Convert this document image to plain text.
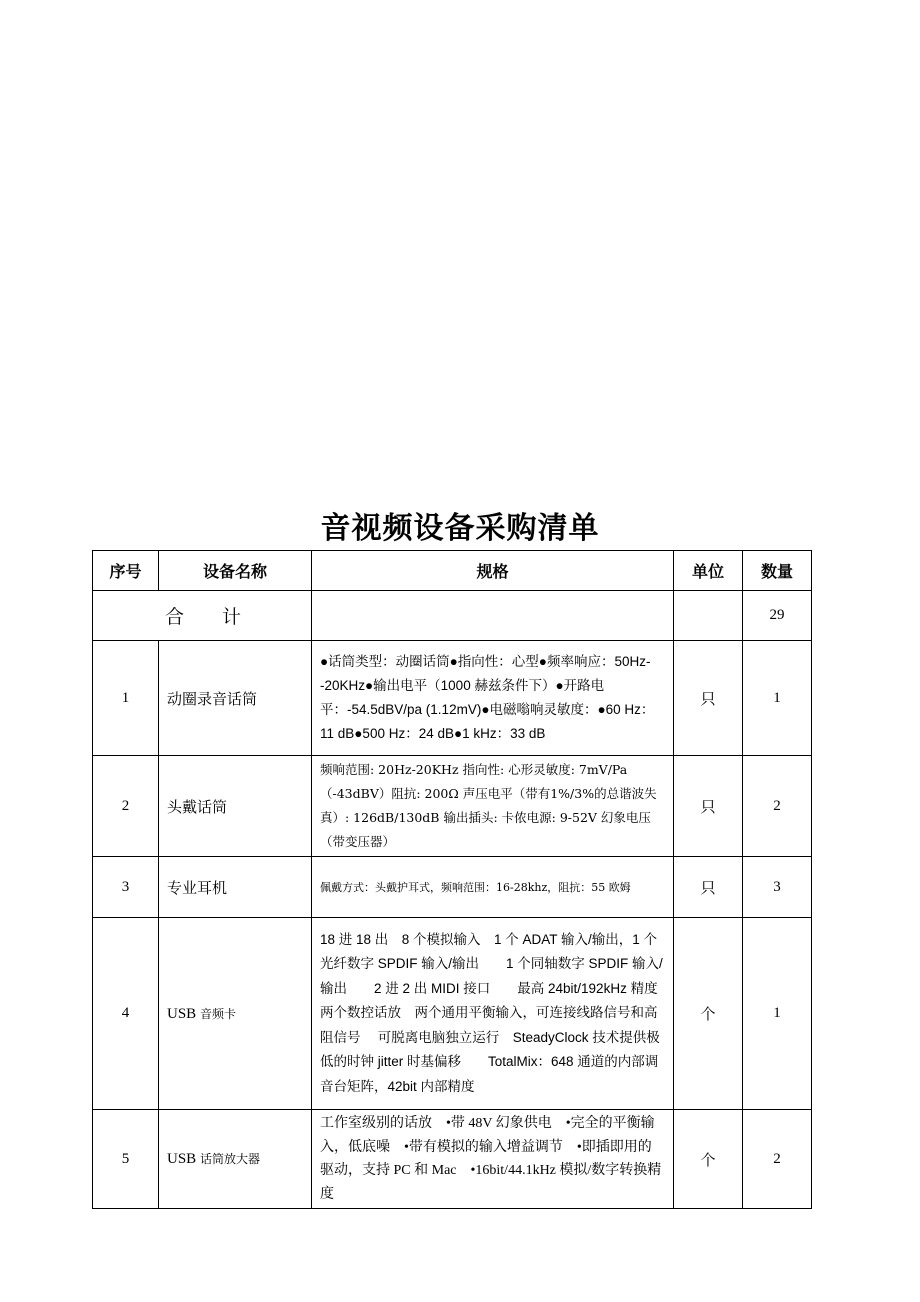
音视频设备采购清单
序号	设备名称	规格	单位	数量
合　　计				29
1	动圈录音话筒	●话筒类型：动圈话筒●指向性：心型●频率响应：50Hz--20KHz●输出电平（1000 赫兹条件下）●开路电平：-54.5dBV/pa (1.12mV)●电磁嗡响灵敏度：●60 Hz：11 dB●500 Hz：24 dB●1 kHz：33 dB	只	1
2	头戴话筒	频响范围: 20Hz-20KHz 指向性: 心形灵敏度: 7mV/Pa（-43dBV）阻抗: 200Ω 声压电平（带有1%/3%的总谐波失真）: 126dB/130dB 输出插头: 卡侬电源: 9-52V 幻象电压（带变压器）	只	2
3	专业耳机	佩戴方式：头戴护耳式，频响范围：16-28khz，阻抗：55 欧姆	只	3
4	USB 音频卡	18 进 18 出　8 个模拟输入　1 个 ADAT 输入/输出，1 个光纤数字 SPDIF 输入/输出　　1 个同轴数字 SPDIF 输入/输出　　2 进 2 出 MIDI 接口　　最高 24bit/192kHz 精度　两个数控话放　两个通用平衡输入，可连接线路信号和高阻信号　 可脱离电脑独立运行　SteadyClock 技术提供极低的时钟 jitter 时基偏移　　TotalMix：648 通道的内部调音台矩阵，42bit 内部精度	个	1
5	USB 话筒放大器	工作室级别的话放　•带 48V 幻象供电　•完全的平衡输入，低底噪　•带有模拟的输入增益调节　•即插即用的驱动，支持 PC 和 Mac　•16bit/44.1kHz 模拟/数字转换精度	个	2
